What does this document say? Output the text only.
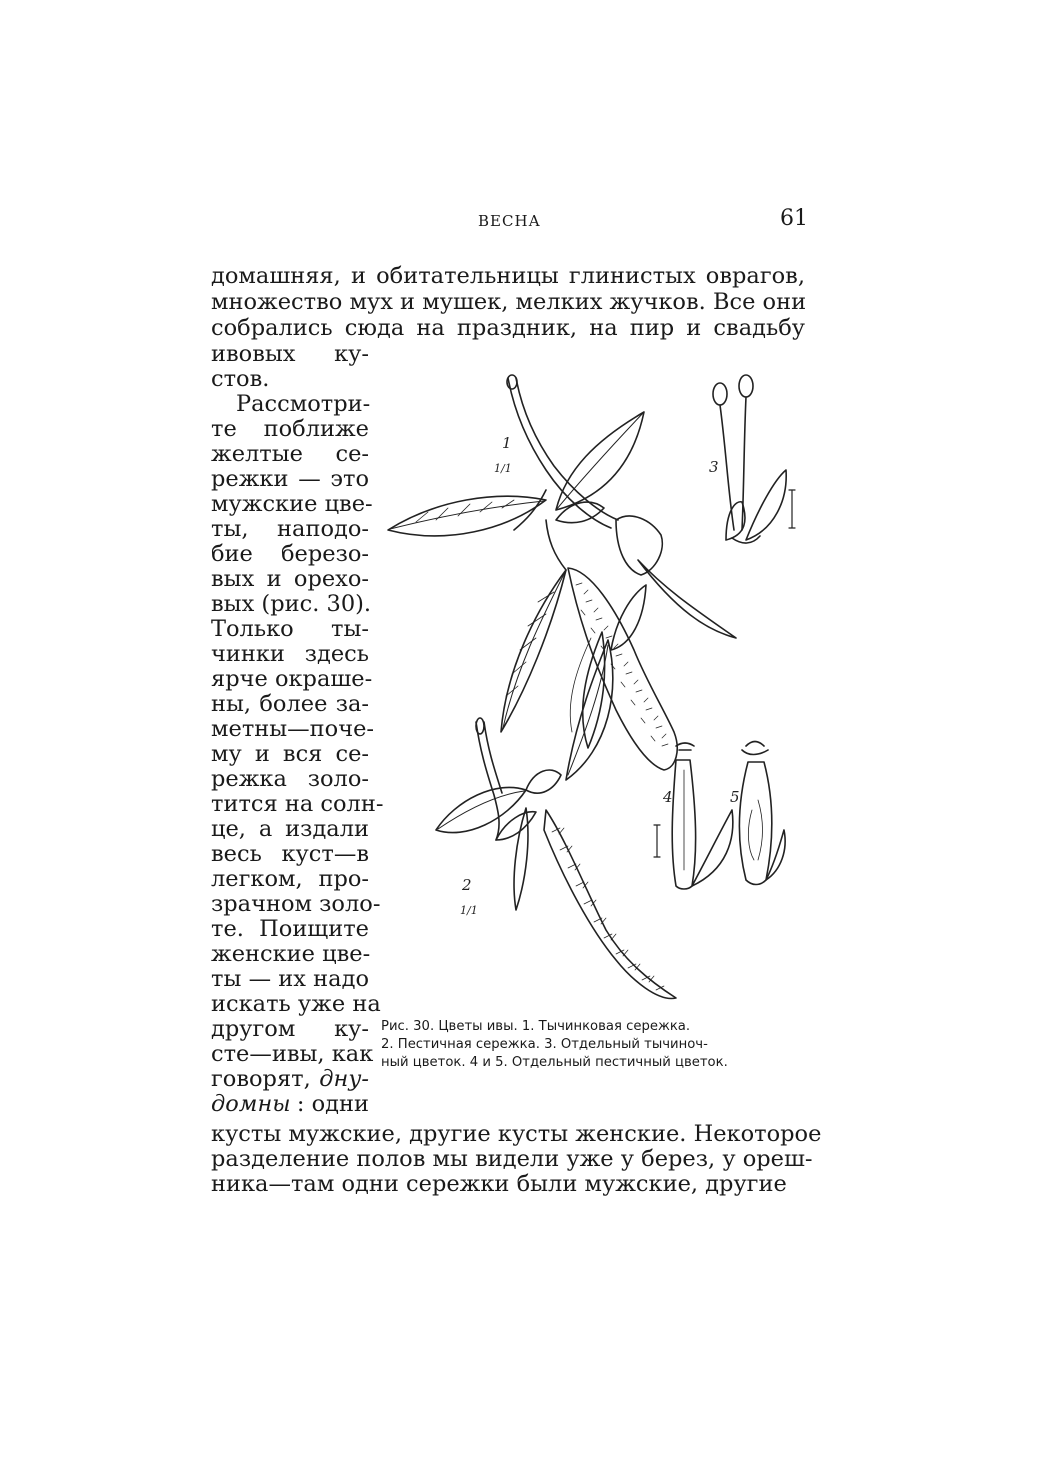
ВЕСНА	61
домашняя, и обитательницы глинистых оврагов,
множество мух и мушек, мелких жучков. Все они
собрались сюда на праздник, на пир и свадьбу
ивовых ку-
стов.
Рассмотри-
те поближе
желтые се-
режки — это
мужские цве-
ты, наподо-
бие березо-
вых и орехо-
вых (рис. 30).
Только ты-
чинки здесь
ярче окраше-
ны, более за-
метны—поче-
му и вся се-
режка золо-
тится на солн-
це, а издали
весь куст—в
легком, про-
зрачном золо-
те. Поищите
женские цве-
ты — их надо
искать уже на
другом ку-
сте—ивы, как
говорят, дну-
домны : одни
кусты мужские, другие кусты женские. Некоторое
разделение полов мы видели уже у берез, у ореш-
ника—там одни сережки были мужские, другие
1
1/1
2
1/1
3
4	5
Рис. 30. Цветы ивы. 1. Тычинковая сережка.
2. Пестичная сережка. 3. Отдельный тычиноч-
ный цветок. 4 и 5. Отдельный пестичный цветок.
